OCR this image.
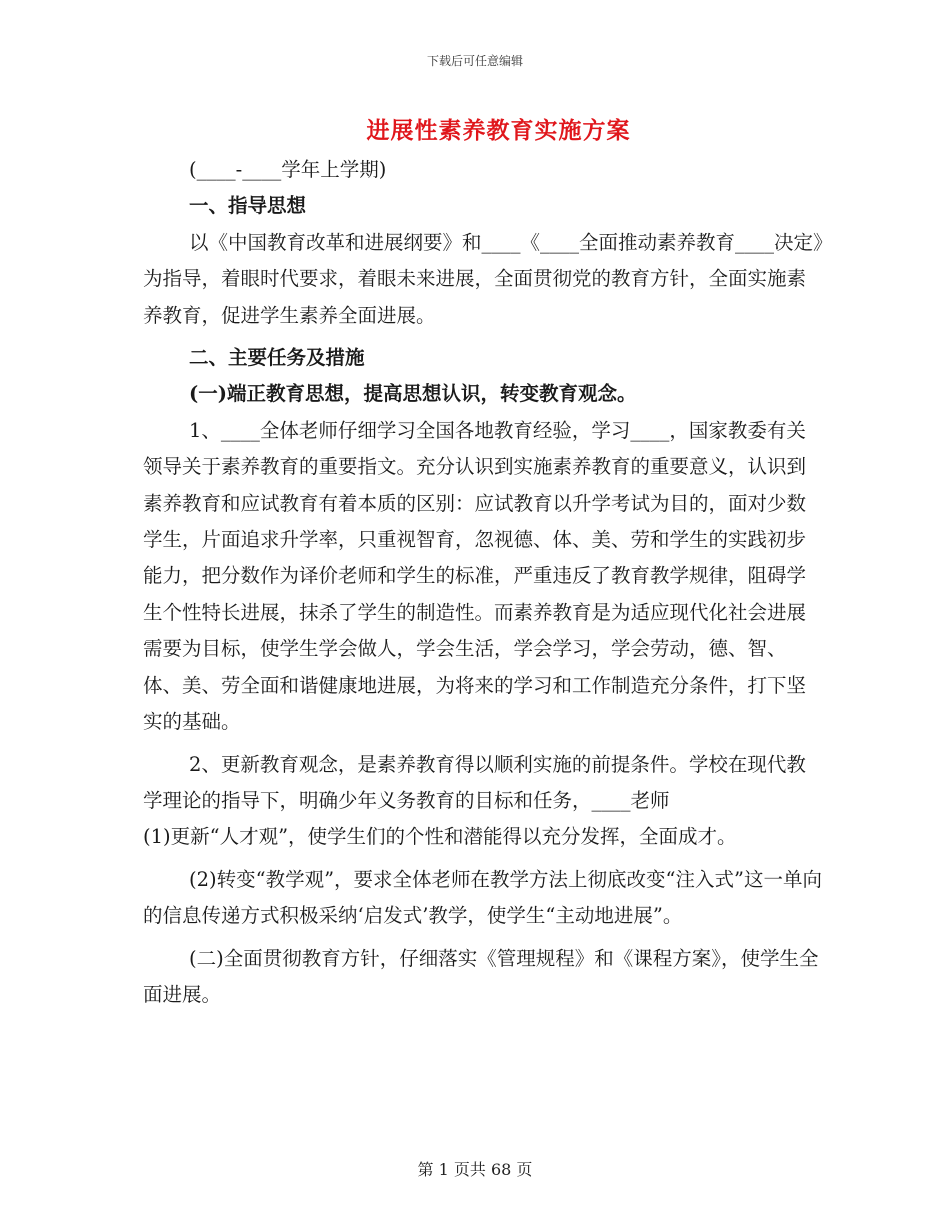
下载后可任意编辑
进展性素养教育实施方案

(____-____学年上学期)

一、指导思想

以《中国教育改革和进展纲要》和____《____全面推动素养教育____决定》为指导，着眼时代要求，着眼未来进展，全面贯彻党的教育方针，全面实施素养教育，促进学生素养全面进展。

二、主要任务及措施

(一)端正教育思想，提高思想认识，转变教育观念。

1、____全体老师仔细学习全国各地教育经验，学习____，国家教委有关领导关于素养教育的重要指文。充分认识到实施素养教育的重要意义，认识到素养教育和应试教育有着本质的区别：应试教育以升学考试为目的，面对少数学生，片面追求升学率，只重视智育，忽视德、体、美、劳和学生的实践初步能力，把分数作为译价老师和学生的标准，严重违反了教育教学规律，阻碍学生个性特长进展，抹杀了学生的制造性。而素养教育是为适应现代化社会进展需要为目标，使学生学会做人，学会生活，学会学习，学会劳动，德、智、体、美、劳全面和谐健康地进展，为将来的学习和工作制造充分条件，打下坚实的基础。

2、更新教育观念，是素养教育得以顺利实施的前提条件。学校在现代教学理论的指导下，明确少年义务教育的目标和任务，____老师

(1)更新“人才观”，使学生们的个性和潜能得以充分发挥，全面成才。

(2)转变“教学观”，要求全体老师在教学方法上彻底改变“注入式”这一单向的信息传递方式积极采纳‘启发式’教学，使学生“主动地进展”。

(二)全面贯彻教育方针，仔细落实《管理规程》和《课程方案》，使学生全面进展。

第 1 页共 68 页
